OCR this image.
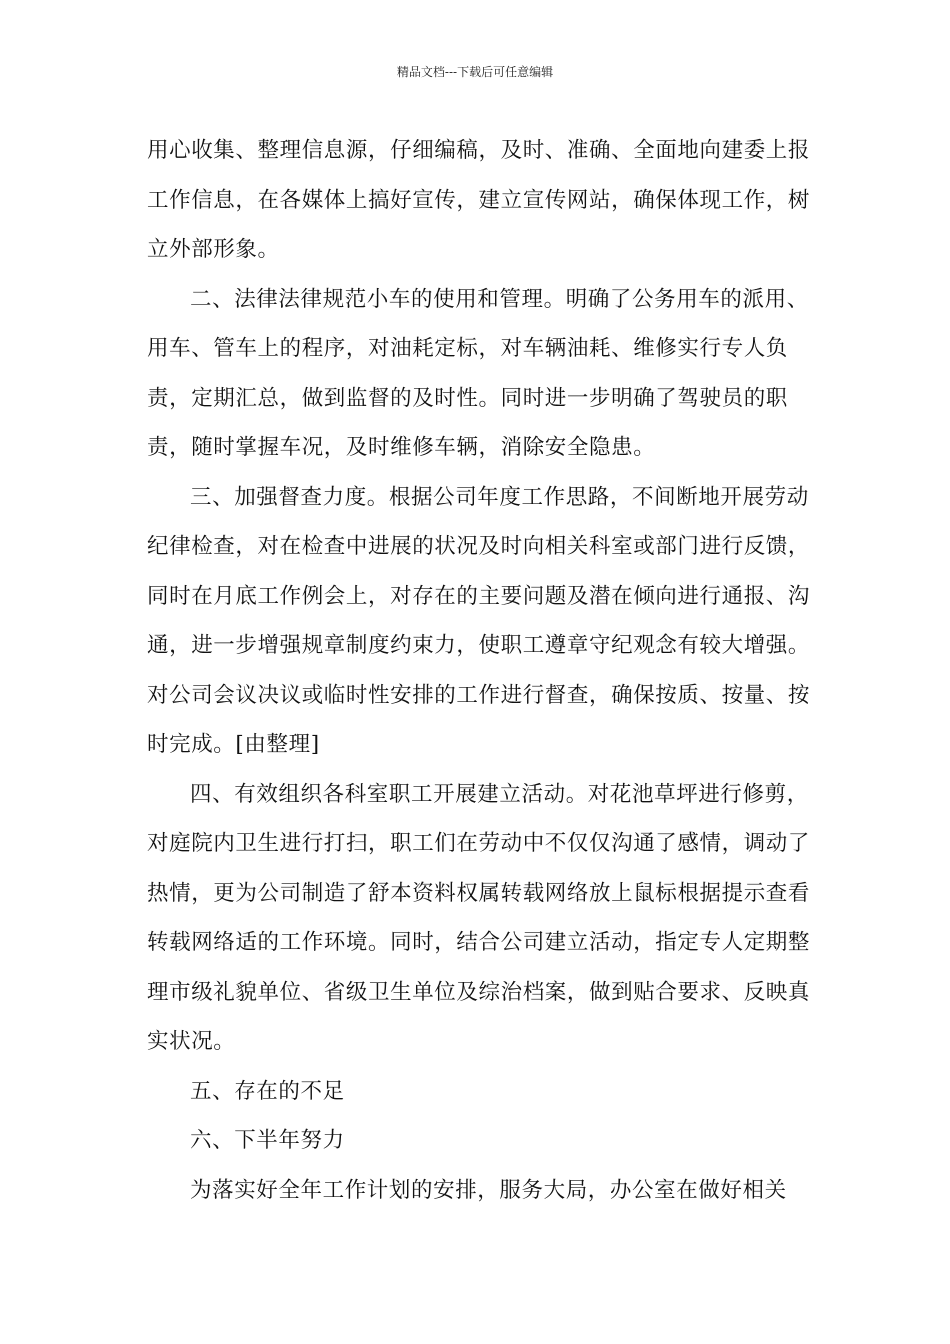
精品文档---下载后可任意编辑

用心收集、整理信息源，仔细编稿，及时、准确、全面地向建委上报工作信息，在各媒体上搞好宣传，建立宣传网站，确保体现工作，树立外部形象。

二、法律法律规范小车的使用和管理。明确了公务用车的派用、用车、管车上的程序，对油耗定标，对车辆油耗、维修实行专人负责，定期汇总，做到监督的及时性。同时进一步明确了驾驶员的职责，随时掌握车况，及时维修车辆，消除安全隐患。

三、加强督查力度。根据公司年度工作思路，不间断地开展劳动纪律检查，对在检查中进展的状况及时向相关科室或部门进行反馈，同时在月底工作例会上，对存在的主要问题及潜在倾向进行通报、沟通，进一步增强规章制度约束力，使职工遵章守纪观念有较大增强。对公司会议决议或临时性安排的工作进行督查，确保按质、按量、按时完成。[由整理]

四、有效组织各科室职工开展建立活动。对花池草坪进行修剪，对庭院内卫生进行打扫，职工们在劳动中不仅仅沟通了感情，调动了热情，更为公司制造了舒本资料权属转载网络放上鼠标根据提示查看转载网络适的工作环境。同时，结合公司建立活动，指定专人定期整理市级礼貌单位、省级卫生单位及综治档案，做到贴合要求、反映真实状况。

五、存在的不足

六、下半年努力

为落实好全年工作计划的安排，服务大局，办公室在做好相关
